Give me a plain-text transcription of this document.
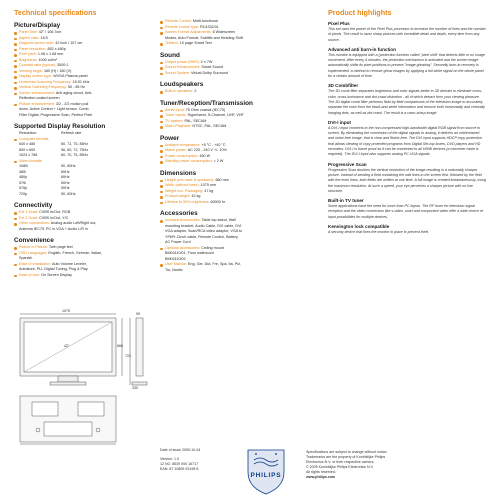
Technical specifications
Picture/Display
Panel Size: 42" / 106.7cm
Aspect ratio: 16:9
Diagonal screen size: 42 inch / 107 cm
Panel resolution: 852 x 480p
Pixel pitch: 1.08 x 1.08 mm
Brightness: 1000 cd/m²
Contrast ratio (typical): 3000:1
Viewing angle: 160 (H) / 160 (V)
Display screen type: WVGA Plasma panel
Horizontal Scanning Frequency: 15-91 kHz
Vertical Scanning Frequency: 50 - 85 Hz
Screen enhancement: Anti aging circuit, Anti-
Reflection coated screen
Picture enhancement: 3/2 - 2/2 motion pull
down, Active Control + Light sensor, Comb
Filter Digital, Progressive Scan, Perfect Pixel
Supported Display Resolution
Resolution	Refresh rate
Computer formats
640 x 480	60, 72, 75, 85Hz
800 x 600	56, 60, 72, 75Hz
1024 x 768	60, 70, 75, 85Hz
Video formats
1080i	50, 60Hz
480i	60Hz
480p	60Hz
576i	50Hz
576p	50Hz
720p	50, 60Hz
Connectivity
Ext 1 Scart: CVBS In/Out, RGB
Ext 2 Scart: CVBS In/Out, Y/C
Other connections: Analog audio Left/Right out,
Antenna IEC75, PC in VGA + Audio L/R in
Convenience
Picture in Picture: Twin page text
OSD Languages: English, French, German, Italian,
Spanish
Ease of Installation: Auto Volume Leveler,
Autostore, PLL Digital Tuning, Plug & Play
Ease of Use: On Screen Display
1075
42"	660
724
99
330
Remote Control: Multi-functional
Remote control type: RC4332/01
Screen Format Adjustments: 6 Widescreen
Modes, Auto Format, Subtitle and Heading Shift
Teletext: 10 page Smart Text
Sound
Output power (RMS): 2 x 7W
Sound Enhancement: Smart Sound
Sound System: Virtual Dolby Surround
Loudspeakers
Built-in speakers: 2
Tuner/Reception/Transmission
Aerial Input: 75 Ohm coaxial (IEC75)
Tuner bands: Hyperband, S-Channel, UHF, VHF
TV system: PAL, SECAM
Video Playback: NTSC, PAL, SECAM
Power
Ambient temperature: +5 °C - +40 °C
Mains power: AC 220 - 240 V +/- 10%
Power consumption: 450 W
Standby power consumption: < 2 W
Dimensions
Height (w/o base & speakers): 660 mm
Width (without base): 1075 mm
Weight incl. Packaging: 47 kg
Product weight: 42 kg
Lifetime to 50% brightness: 60000 hr
Accessories
Included Accessories: Table top stand, Wall
mounting bracket, Audio Cable, DVI cable, DVI
VGA adaptor, Scart/RCA video adaptor, VGA to
YPbPr-Cinch cable, Remote Control, Battery,
AC Power Cord
Optional accessories: Ceiling mount
BM04110/01, Floor wallmount
BM04110/02
User Manual: Eng, Ger, Dut, Fre, Spa, Ita, Pol,
Tur, Nordic
Product highlights
Pixel Plus
This set uses the power of the Pixel Plus processor to increase the number of lines and the number of pixels. The result is razor sharp pictures with incredible detail and depth, every time from any source.
Advanced anti burn-in function
This monitor is equipped with a (protection function called "pixel shift" that detects little or no image movement. After every 4 minutes, the protection mechanism is activated and the screen image automatically shifts its pixel positions to prevent "image ghosting". Secondly burn-in recovery is implemented: a method to remove ghost images by applying a full white signal on the whole panel for a certain amount of time.
3D Combfilter
The 3D comb filter separates brightness and color signals better in 3D domain to eliminate cross-color, cross-luminance and dot-crawl distortion - all of which detract from your viewing pleasure. The 3D digital comb filter performs field-by-field comparisons of the television image to accurately separate the color from the black-and-white information and remove both horizontally and vertically hanging dots, as well as dot crawl. The result is a razor-sharp image.
DVI-I input
A DVI-I input connects to the non-compressed high-bandwidth digital RGB signal from source to screen. By eliminating the conversion of the digital signals to analog, it delivers an unblemished and noise-free image, that is clear and flicker-free. The DVI input supports HDCP copy protection that allows viewing of copy protected programs from Digital Set-top boxes, DVD players and HD recorders. DVI-I is future proof as it can be connected to all HDMI devices (a converter cable is required). The DVI-I input also supports analog PC-VGA signals.
Progressive Scan
Progressive Scan doubles the vertical resolution of the image resulting in a noticeably sharper picture. Instead of sending a field containing the odd lines to the screen first, followed by the field with the even lines, both fields are written at one time. A full image is created instantaneously, using the maximum resolution. At such a speed, your eye perceives a sharper picture with no line structure.
Built-in TV tuner
Some applications have the need for more than PC inputs. The RF tuner for television signal reception and the video connectors like s-video, scart and component video offer a wide choice of input possibilities for multiple devices.
Kensington lock compatible
A security device that fixes the monitor in place to prevent theft.
Date of issue 2005-10-04
Version: 1.0
12 NC: 8639 000 16717
EAN: 87 10895 93198 8
PHILIPS
Specifications are subject to change without notice.
Trademarks are the property of Koninklijke Philips
Electronics N.V. or their respective owners.
© 2005 Koninklijke Philips Electronics N.V.
All rights reserved.
www.philips.com
